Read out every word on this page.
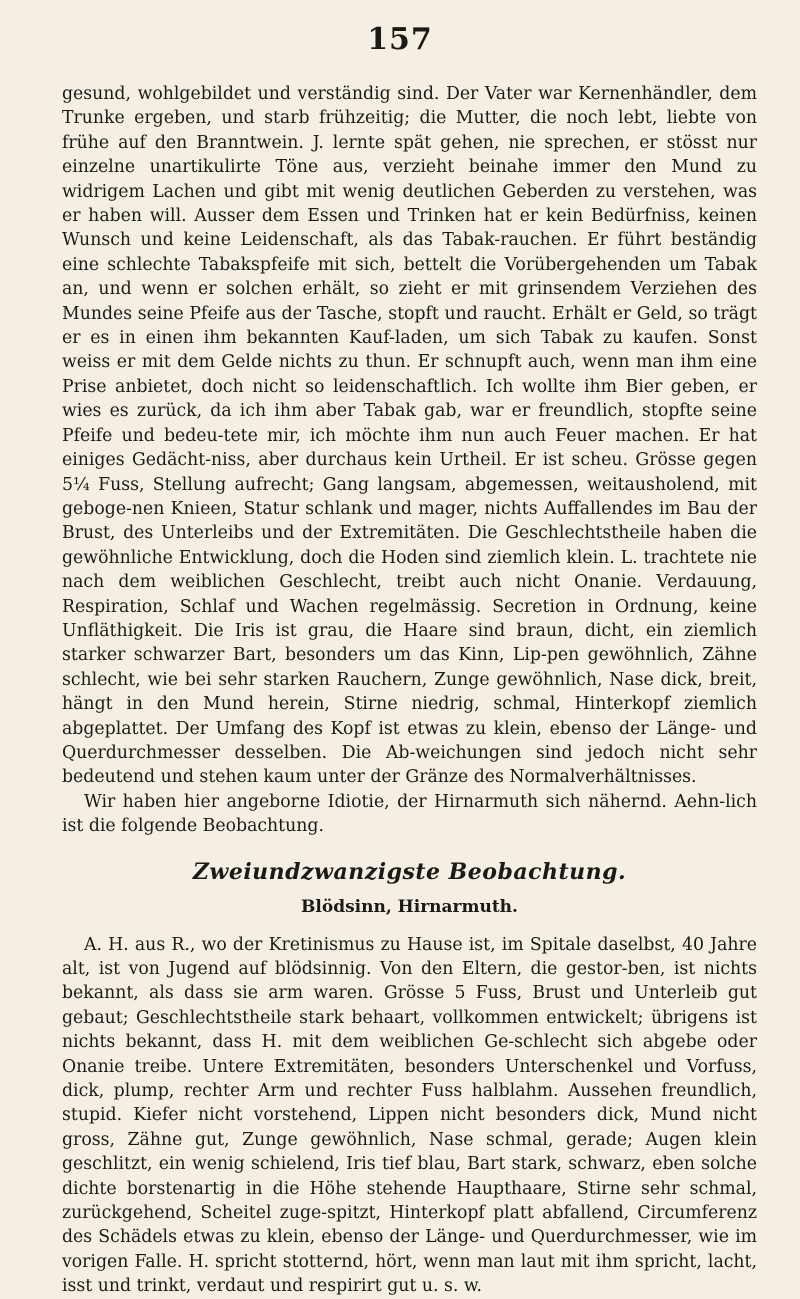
157

gesund, wohlgebildet und verständig sind. Der Vater war Kernenhändler, dem Trunke ergeben, und starb frühzeitig; die Mutter, die noch lebt, liebte von frühe auf den Branntwein. J. lernte spät gehen, nie sprechen, er stösst nur einzelne unartikulirte Töne aus, verzieht beinahe immer den Mund zu widrigem Lachen und gibt mit wenig deutlichen Geberden zu verstehen, was er haben will. Ausser dem Essen und Trinken hat er kein Bedürfniss, keinen Wunsch und keine Leidenschaft, als das Tabak-rauchen. Er führt beständig eine schlechte Tabakspfeife mit sich, bettelt die Vorübergehenden um Tabak an, und wenn er solchen erhält, so zieht er mit grinsendem Verziehen des Mundes seine Pfeife aus der Tasche, stopft und raucht. Erhält er Geld, so trägt er es in einen ihm bekannten Kauf-laden, um sich Tabak zu kaufen. Sonst weiss er mit dem Gelde nichts zu thun. Er schnupft auch, wenn man ihm eine Prise anbietet, doch nicht so leidenschaftlich. Ich wollte ihm Bier geben, er wies es zurück, da ich ihm aber Tabak gab, war er freundlich, stopfte seine Pfeife und bedeu-tete mir, ich möchte ihm nun auch Feuer machen. Er hat einiges Gedächt-niss, aber durchaus kein Urtheil. Er ist scheu. Grösse gegen 5¼ Fuss, Stellung aufrecht; Gang langsam, abgemessen, weitausholend, mit geboge-nen Knieen, Statur schlank und mager, nichts Auffallendes im Bau der Brust, des Unterleibs und der Extremitäten. Die Geschlechtstheile haben die gewöhnliche Entwicklung, doch die Hoden sind ziemlich klein. L. trachtete nie nach dem weiblichen Geschlecht, treibt auch nicht Onanie. Verdauung, Respiration, Schlaf und Wachen regelmässig. Secretion in Ordnung, keine Unfläthigkeit. Die Iris ist grau, die Haare sind braun, dicht, ein ziemlich starker schwarzer Bart, besonders um das Kinn, Lip-pen gewöhnlich, Zähne schlecht, wie bei sehr starken Rauchern, Zunge gewöhnlich, Nase dick, breit, hängt in den Mund herein, Stirne niedrig, schmal, Hinterkopf ziemlich abgeplattet. Der Umfang des Kopf ist etwas zu klein, ebenso der Länge- und Querdurchmesser desselben. Die Ab-weichungen sind jedoch nicht sehr bedeutend und stehen kaum unter der Gränze des Normalverhältnisses.

Wir haben hier angeborne Idiotie, der Hirnarmuth sich nähernd. Aehn-lich ist die folgende Beobachtung.

Zweiundzwanzigste Beobachtung.
Blödsinn, Hirnarmuth.

A. H. aus R., wo der Kretinismus zu Hause ist, im Spitale daselbst, 40 Jahre alt, ist von Jugend auf blödsinnig. Von den Eltern, die gestor-ben, ist nichts bekannt, als dass sie arm waren. Grösse 5 Fuss, Brust und Unterleib gut gebaut; Geschlechtstheile stark behaart, vollkommen entwickelt; übrigens ist nichts bekannt, dass H. mit dem weiblichen Ge-schlecht sich abgebe oder Onanie treibe. Untere Extremitäten, besonders Unterschenkel und Vorfuss, dick, plump, rechter Arm und rechter Fuss halblahm. Aussehen freundlich, stupid. Kiefer nicht vorstehend, Lippen nicht besonders dick, Mund nicht gross, Zähne gut, Zunge gewöhnlich, Nase schmal, gerade; Augen klein geschlitzt, ein wenig schielend, Iris tief blau, Bart stark, schwarz, eben solche dichte borstenartig in die Höhe stehende Haupthaare, Stirne sehr schmal, zurückgehend, Scheitel zuge-spitzt, Hinterkopf platt abfallend, Circumferenz des Schädels etwas zu klein, ebenso der Länge- und Querdurchmesser, wie im vorigen Falle. H. spricht stotternd, hört, wenn man laut mit ihm spricht, lacht, isst und trinkt, verdaut und respirirt gut u. s. w.
